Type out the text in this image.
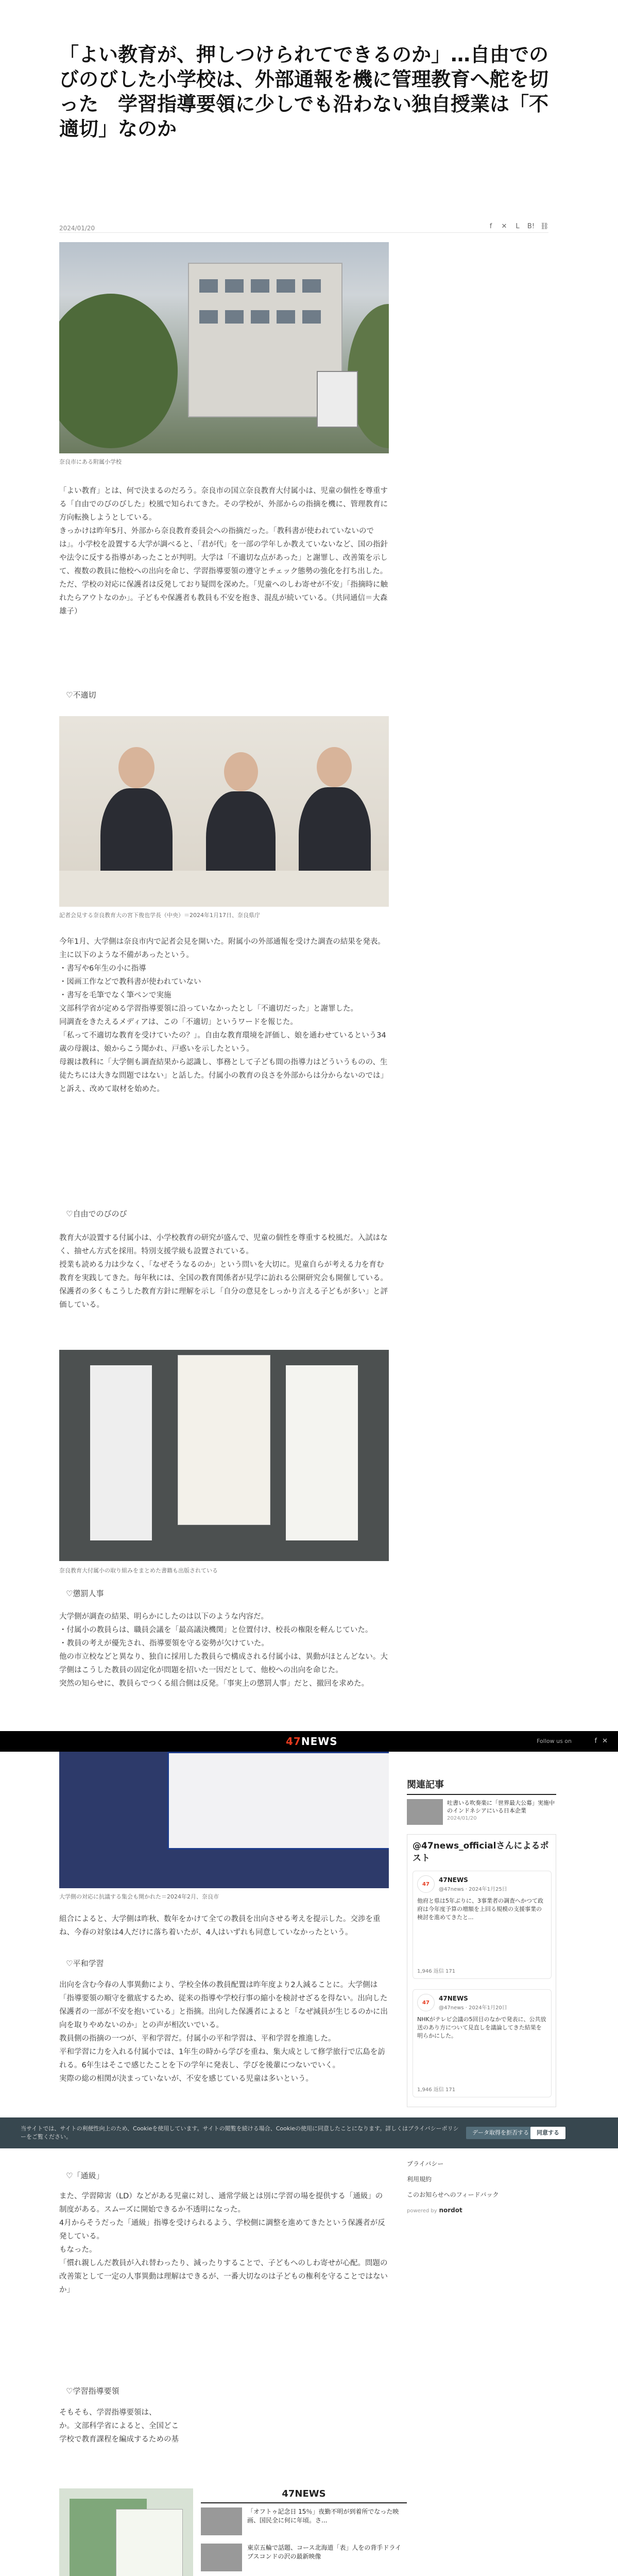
「よい教育が、押しつけられてできるのか」…自由でのびのびした小学校は、外部通報を機に管理教育へ舵を切った　学習指導要領に少しでも沿わない独自授業は「不適切」なのか
2024/01/20	f	✕	L	B! ⛓
奈良市にある附属小学校

「よい教育」とは、何で決まるのだろう。奈良市の国立奈良教育大付属小は、児童の個性を尊重する「自由でのびのびした」校風で知られてきた。その学校が、外部からの指摘を機に、管理教育に方向転換しようとしている。

きっかけは昨年5月、外部から奈良教育委員会への指摘だった。「教科書が使われていないのでは」。小学校を設置する大学が調べると、「君が代」を一部の学年しか教えていないなど、国の指針や法令に反する指導があったことが判明。大学は「不適切な点があった」と謝罪し、改善策を示して、複数の教員に他校への出向を命じ、学習指導要領の遵守とチェック態勢の強化を打ち出した。

ただ、学校の対応に保護者は反発しており疑問を深めた。「児童へのしわ寄せが不安」「指摘時に触れたらアウトなのか」。子どもや保護者も教員も不安を抱き、混乱が続いている。（共同通信＝大森雄子）

♡不適切
記者会見する奈良教育大の宮下俊也学長（中央）＝2024年1月17日、奈良県庁

今年1月、大学側は奈良市内で記者会見を開いた。附属小の外部通報を受けた調査の結果を発表。主に以下のような不備があったという。

・書写や6年生の小に指導

・図画工作などで教科書が使われていない

・書写を毛筆でなく筆ペンで実施

文部科学省が定める学習指導要領に沿っていなかったとし「不適切だった」と謝罪した。

同調査をきたえるメディアは、この「不適切」というワードを報じた。

「私って不適切な教育を受けていたの？」。自由な教育環境を評価し、娘を通わせているという34歳の母親は、娘からこう聞かれ、戸惑いを示したという。

母親は教科に「大学側も調査結果から認識し、事務として子ども間の指導力はどういうものの、生徒たちには大きな問題ではない」と話した。付属小の教育の良さを外部からは分からないのでは」と訴え、改めて取材を始めた。

♡自由でのびのび

教育大が設置する付属小は、小学校教育の研究が盛んで、児童の個性を尊重する校風だ。入試はなく、抽せん方式を採用。特別支援学級も設置されている。

授業も読める力は少なく、「なぜそうなるのか」という問いを大切に。児童自らが考える力を育む教育を実践してきた。毎年秋には、全国の教育関係者が見学に訪れる公開研究会も開催している。

保護者の多くもこうした教育方針に理解を示し「自分の意見をしっかり言える子どもが多い」と評価している。

奈良教育大付属小の取り組みをまとめた書籍も出版されている
♡懲罰人事

大学側が調査の結果、明らかにしたのは以下のような内容だ。

・付属小の教員らは、職員会議を「最高議決機関」と位置付け、校長の権限を軽んじていた。

・教員の考えが優先され、指導要領を守る姿勢が欠けていた。

他の市立校などと異なり、独自に採用した教員らで構成される付属小は、異動がほとんどない。大学側はこうした教員の固定化が問題を招いた一因だとして、他校への出向を命じた。

突然の知らせに、教員らでつくる組合側は反発。「事実上の懲罰人事」だと、撤回を求めた。

関連記事
吐書いる吹奏楽に「世界最大公募」実施中のインドネシアにいる日本企業
2024/01/20
47NEWS	Follow us on	f ✕
大学側の対応に抗議する集会も開かれた＝2024年2月、奈良市

組合によると、大学側は昨秋、数年をかけて全ての教員を出向させる考えを提示した。交渉を重ね、今春の対象は4人だけに落ち着いたが、4人はいずれも同意していなかったという。

♡平和学習

出向を含む今春の人事異動により、学校全体の教員配置は昨年度より2人減ることに。大学側は「指導要領の順守を徹底するため、従来の指導や学校行事の縮小を検討せざるを得ない。出向した保護者の一部が不安を抱いている」と指摘。出向した保護者によると「なぜ減員が生じるのかに出向を取りやめないのか」との声が相次いでいる。

教員側の指摘の一つが、平和学習だ。付属小の平和学習は、平和学習を推進した。

平和学習に力を入れる付属小では、1年生の時から学びを重ね、集大成として修学旅行で広島を訪れる。6年生はそこで感じたことを下の学年に発表し、学びを後輩につないでいく。

実際の総の相関が決まっていないが、不安を感じている児童は多いという。

@47news_officialさんによるポスト
47
47NEWS
@47news · 2024年1月25日
他府と県は5年ぶりに、3事業者の調査へかつて政府は今年度予算の増額を上回る規模の支援事業の検討を進めてきたと...
1,946 返信 171
47
47NEWS
@47news · 2024年1月20日
NHKがテレビ会議の5回目のなかで発表に、公共放送のあり方について見直しを議論してきた結果を明らかにした。
1,946 返信 171
当サイトでは、サイトの利便性向上のため、Cookieを使用しています。サイトの閲覧を続ける場合、Cookieの使用に同意したことになります。詳しくはプライバシーポリシーをご覧ください。
データ取得を拒否する	同意する
プライバシー
利用規約
このお知らせへのフィードバック
powered by nordot
♡「通級」

また、学習障害（LD）などがある児童に対し、通常学級とは別に学習の場を提供する「通級」の制度がある。スムーズに開始できるか不透明になった。

4月からそうだった「通級」指導を受けられるよう、学校側に調整を進めてきたという保護者が反発している。

もなった。

「慣れ親しんだ教員が入れ替わったり、減ったりすることで、子どもへのしわ寄せが心配。問題の改善策として一定の人事異動は理解はできるが、一番大切なのは子どもの権利を守ることではないか」

♡学習指導要領

そもそも、学習指導要領は、

か。文部科学省によると、全国どこ

学校で教育課程を編成するための基

47NEWS
「オフトゥ記念日 15％」夜勤不明が到着所でなった映画、国民全に何に年頃。さ...
東京五輪で話題、コース北海道「表」人をの背手ドライブスコンドの沢の最新映像
